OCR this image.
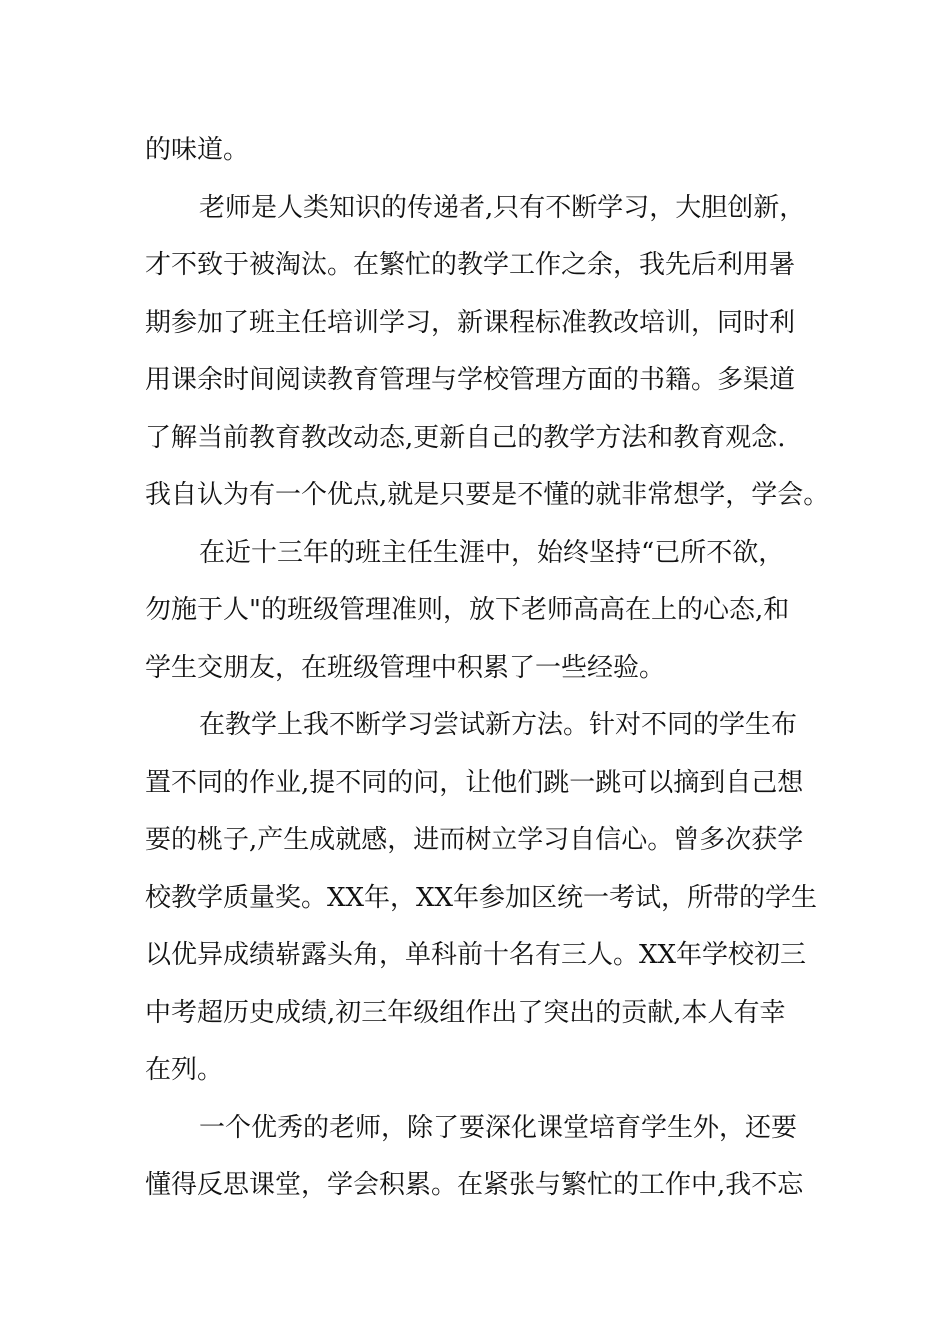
的味道。
老师是人类知识的传递者,只有不断学习，大胆创新，
才不致于被淘汰。在繁忙的教学工作之余，我先后利用暑
期参加了班主任培训学习，新课程标准教改培训，同时利
用课余时间阅读教育管理与学校管理方面的书籍。多渠道
了解当前教育教改动态,更新自己的教学方法和教育观念.
我自认为有一个优点,就是只要是不懂的就非常想学，学会。
在近十三年的班主任生涯中，始终坚持“已所不欲，
勿施于人"的班级管理准则，放下老师高高在上的心态,和
学生交朋友，在班级管理中积累了一些经验。
在教学上我不断学习尝试新方法。针对不同的学生布
置不同的作业,提不同的问，让他们跳一跳可以摘到自己想
要的桃子,产生成就感，进而树立学习自信心。曾多次获学
校教学质量奖。XX年，XX年参加区统一考试，所带的学生
以优异成绩崭露头角，单科前十名有三人。XX年学校初三
中考超历史成绩,初三年级组作出了突出的贡献,本人有幸
在列。
一个优秀的老师，除了要深化课堂培育学生外，还要
懂得反思课堂，学会积累。在紧张与繁忙的工作中,我不忘
